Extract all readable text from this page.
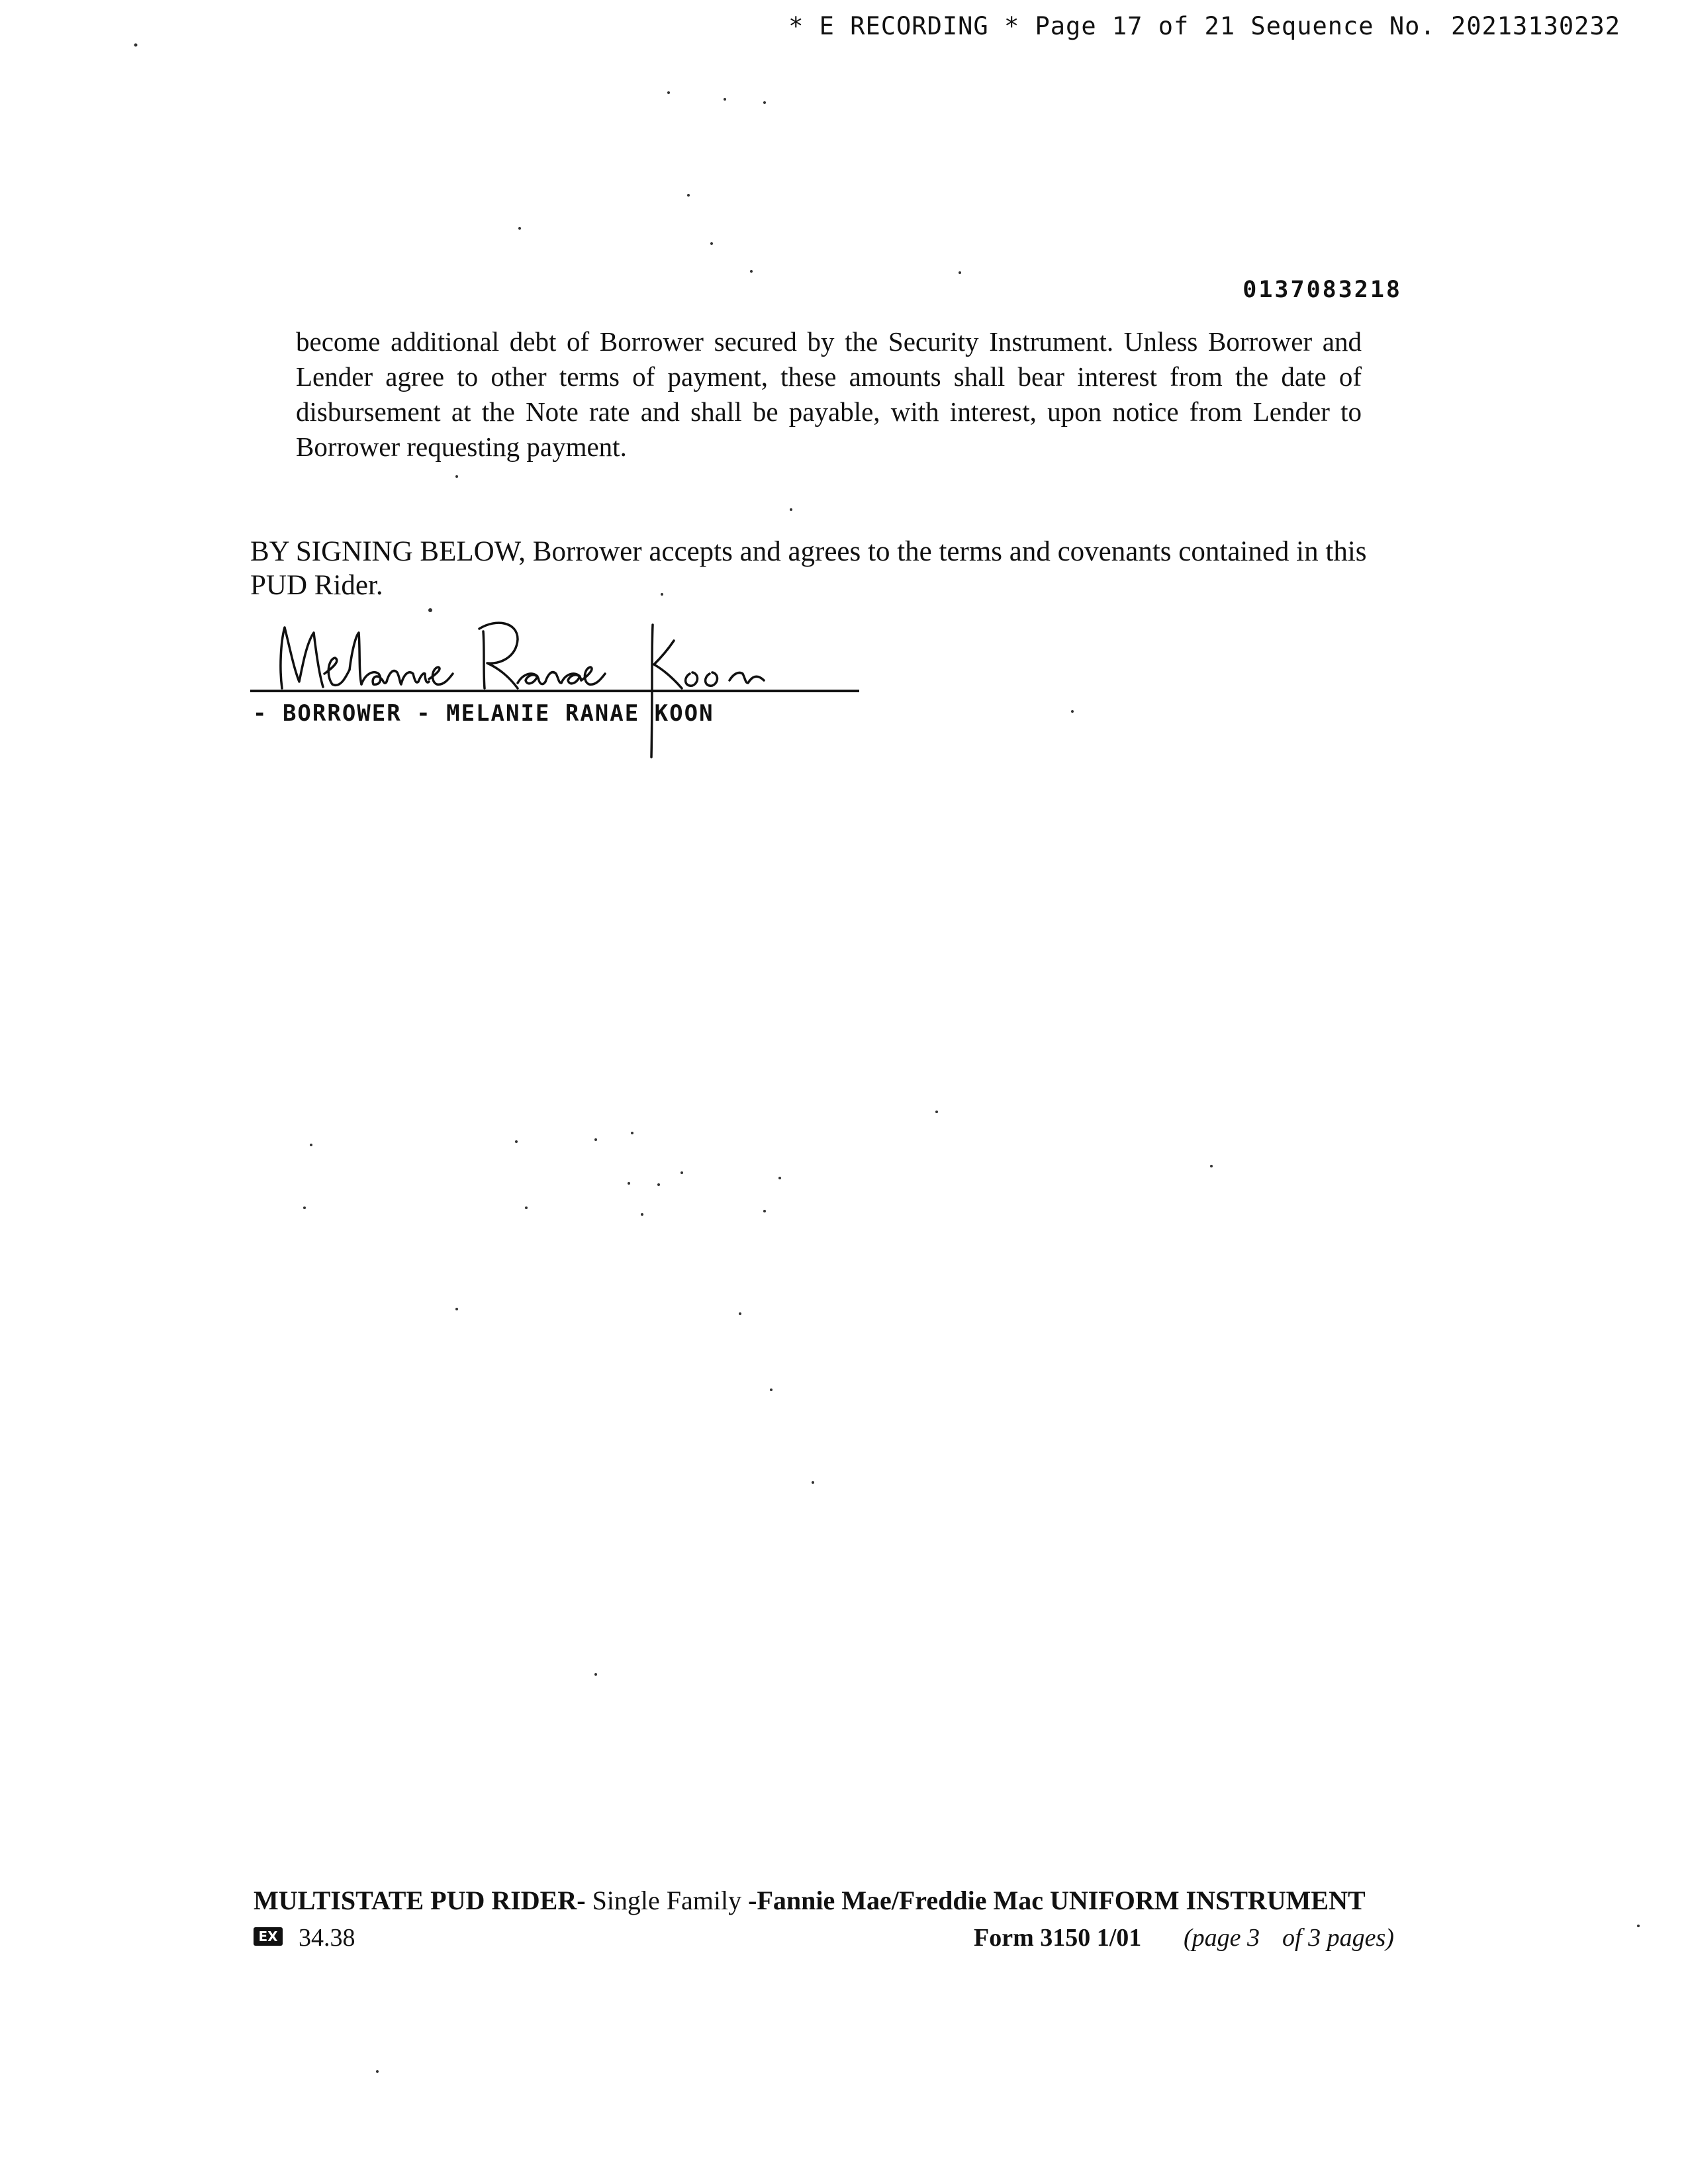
* E RECORDING * Page 17 of 21 Sequence No. 20213130232
0137083218

become additional debt of Borrower secured by the Security Instrument. Unless Borrower and Lender agree to other terms of payment, these amounts shall bear interest from the date of disbursement at the Note rate and shall be payable, with interest, upon notice from Lender to Borrower requesting payment.

BY SIGNING BELOW, Borrower accepts and agrees to the terms and covenants contained in this PUD Rider.

- BORROWER - MELANIE RANAE KOON
MULTISTATE PUD RIDER- Single Family -Fannie Mae/Freddie Mac UNIFORM INSTRUMENT
EX 34.38	Form 3150 1/01 (page 3 of 3 pages)
